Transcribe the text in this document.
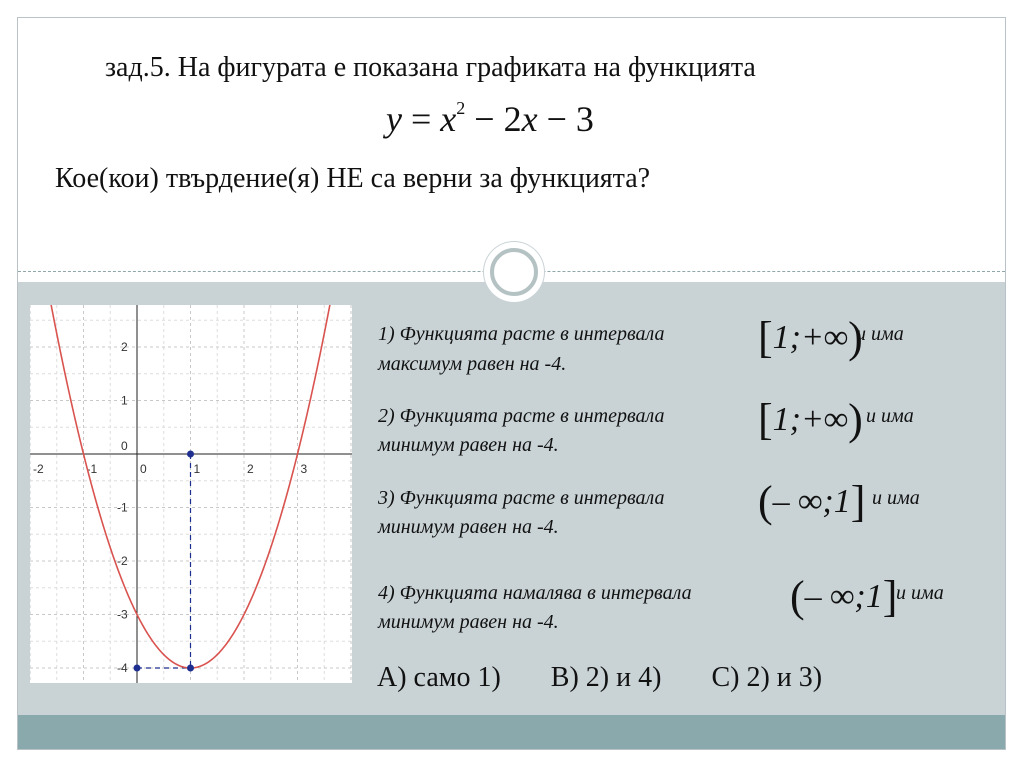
зад.5. На фигурата е показана графиката на функцията
$y = x^2 - 2x - 3$
Кое(кои) твърдение(я) НЕ са верни за функцията?
-2	-1	0	1	2	3
2
1
0
-1
-2
-3
-4
1) Функцията расте в интервала [1;+∞)
и има
максимум равен на -4.
2) Функцията расте в интервала [1;+∞) и има
минимум равен на -4.
3) Функцията расте в интервала (– ∞;1] и има
минимум равен на -4.
4) Функцията намалява в интервала (– ∞;1]
и има
минимум равен на -4.
A) само 1) B) 2) и 4) C) 2) и 3)
